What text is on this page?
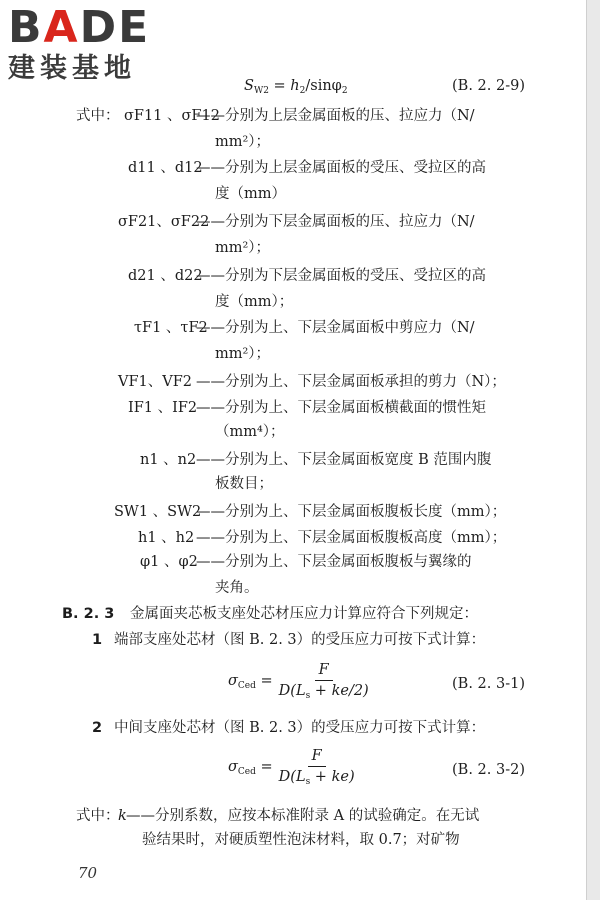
BADE
建装基地
$S_{W2} = h_2/\sin\varphi_2$	(B. 2. 2-9)
式中： σF11 、σF12
——分别为上层金属面板的压、拉应力（N/
mm²）；
d11 、d12
——分别为上层金属面板的受压、受拉区的高
度（mm）
σF21、σF22
——分别为下层金属面板的压、拉应力（N/
mm²）；
d21 、d22
——分别为下层金属面板的受压、受拉区的高
度（mm）；
τF1 、τF2
——分别为上、下层金属面板中剪应力（N/
mm²）；
VF1、VF2 ——分别为上、下层金属面板承担的剪力（N）；
IF1 、IF2
——分别为上、下层金属面板横截面的惯性矩
（mm⁴）；
n1 、n2 ——分别为上、下层金属面板宽度 B 范围内腹
板数目；
SW1 、SW2
——分别为上、下层金属面板腹板长度（mm）；
h1 、h2 ——分别为上、下层金属面板腹板高度（mm）；
φ1 、φ2
——分别为上、下层金属面板腹板与翼缘的
夹角。
B. 2. 3 金属面夹芯板支座处芯材压应力计算应符合下列规定：
1 端部支座处芯材（图 B. 2. 3）的受压应力可按下式计算：
$\sigma_{Ced} = \frac{F}{D(L_s + ke/2)}$	(B. 2. 3-1)
2 中间支座处芯材（图 B. 2. 3）的受压应力可按下式计算：
$\sigma_{Ced} = \frac{F}{D(L_s + ke)}$	(B. 2. 3-2)
式中：
k ——分别系数，应按本标准附录 A 的试验确定。在无试
验结果时，对硬质塑性泡沫材料，取 0.7；对矿物
70
